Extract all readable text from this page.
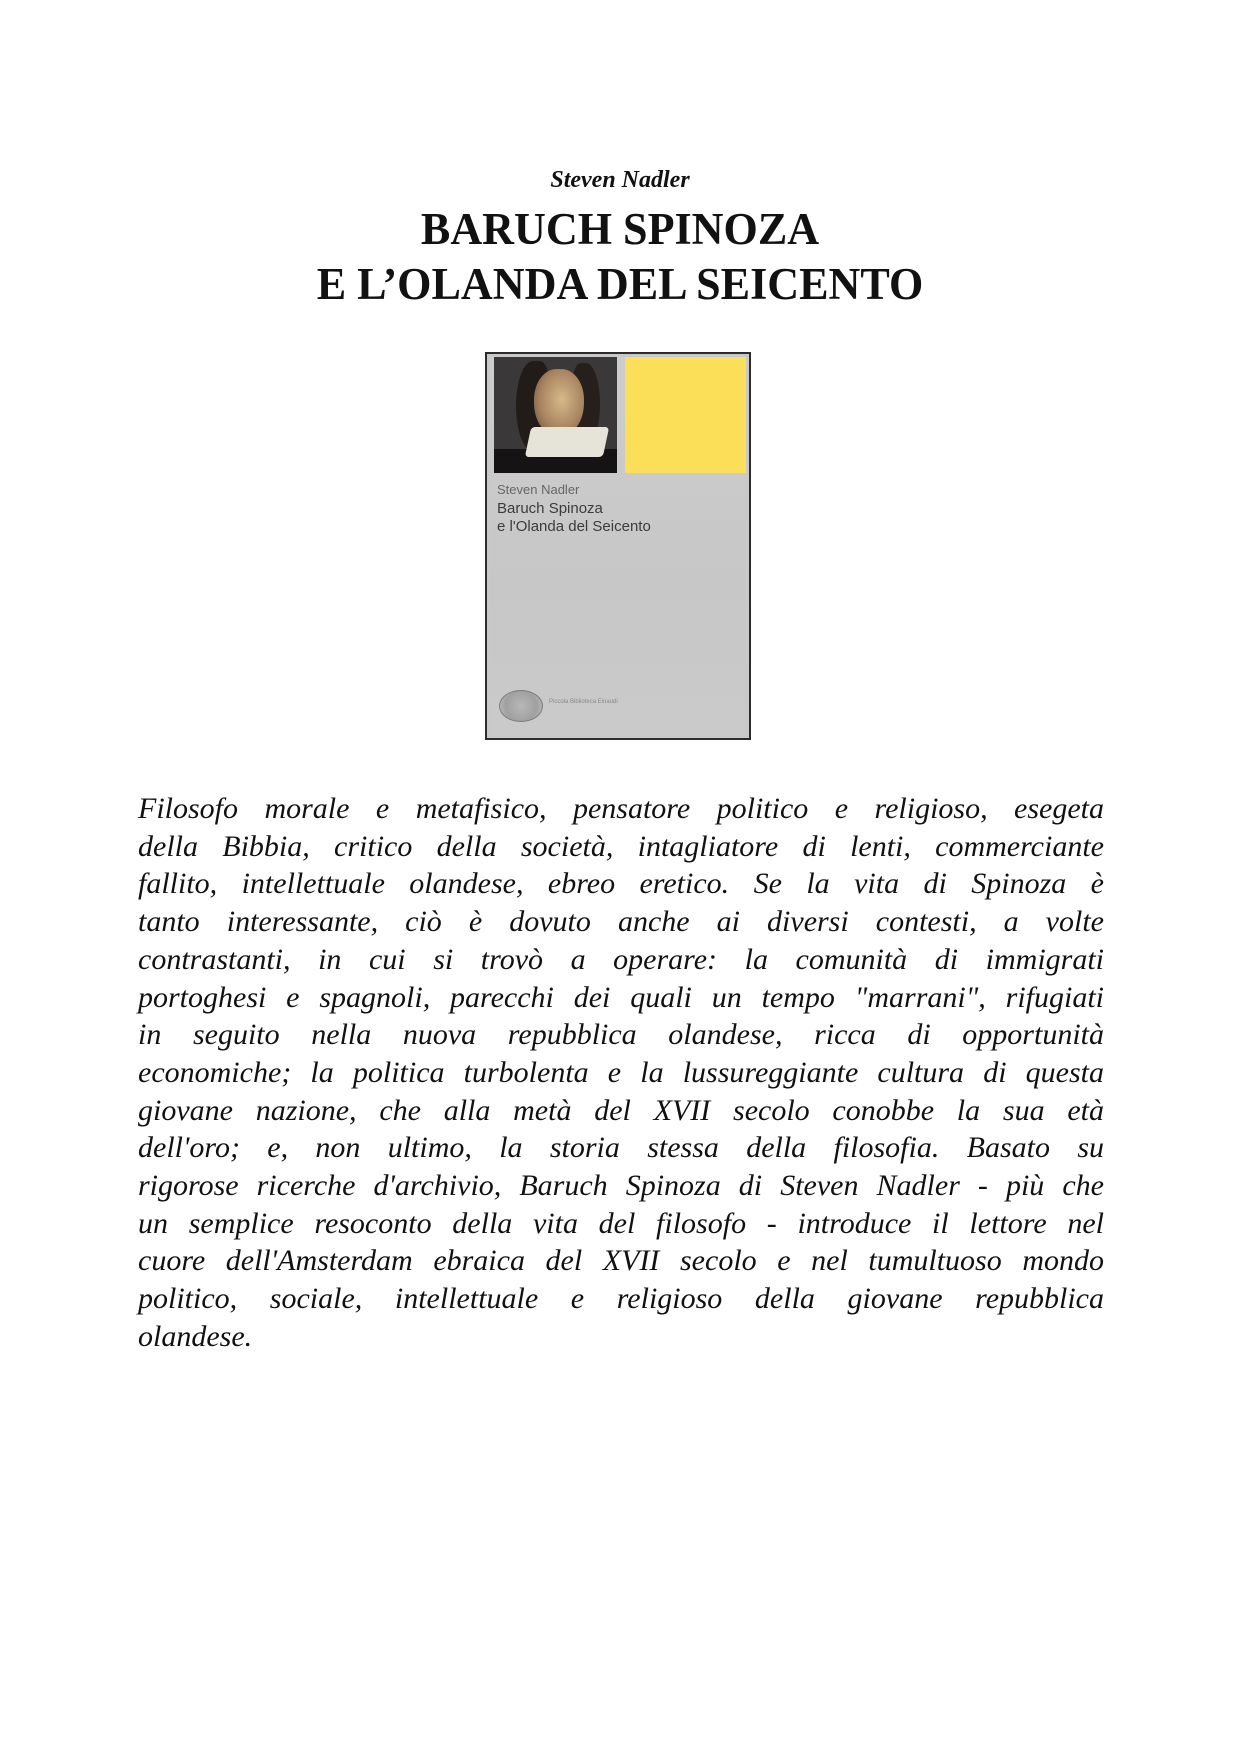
Steven Nadler
BARUCH SPINOZA
E L’OLANDA DEL SEICENTO
Steven Nadler
Baruch Spinoza
e l'Olanda del Seicento
Piccola Biblioteca Einaudi
Filosofo morale e metafisico, pensatore politico e religioso, esegeta
della Bibbia, critico della società, intagliatore di lenti, commerciante
fallito, intellettuale olandese, ebreo eretico. Se la vita di Spinoza è
tanto interessante, ciò è dovuto anche ai diversi contesti, a volte
contrastanti, in cui si trovò a operare: la comunità di immigrati
portoghesi e spagnoli, parecchi dei quali un tempo "marrani", rifugiati
in seguito nella nuova repubblica olandese, ricca di opportunità
economiche; la politica turbolenta e la lussureggiante cultura di questa
giovane nazione, che alla metà del XVII secolo conobbe la sua età
dell'oro; e, non ultimo, la storia stessa della filosofia. Basato su
rigorose ricerche d'archivio, Baruch Spinoza di Steven Nadler - più che
un semplice resoconto della vita del filosofo - introduce il lettore nel
cuore dell'Amsterdam ebraica del XVII secolo e nel tumultuoso mondo
politico, sociale, intellettuale e religioso della giovane repubblica
olandese.
